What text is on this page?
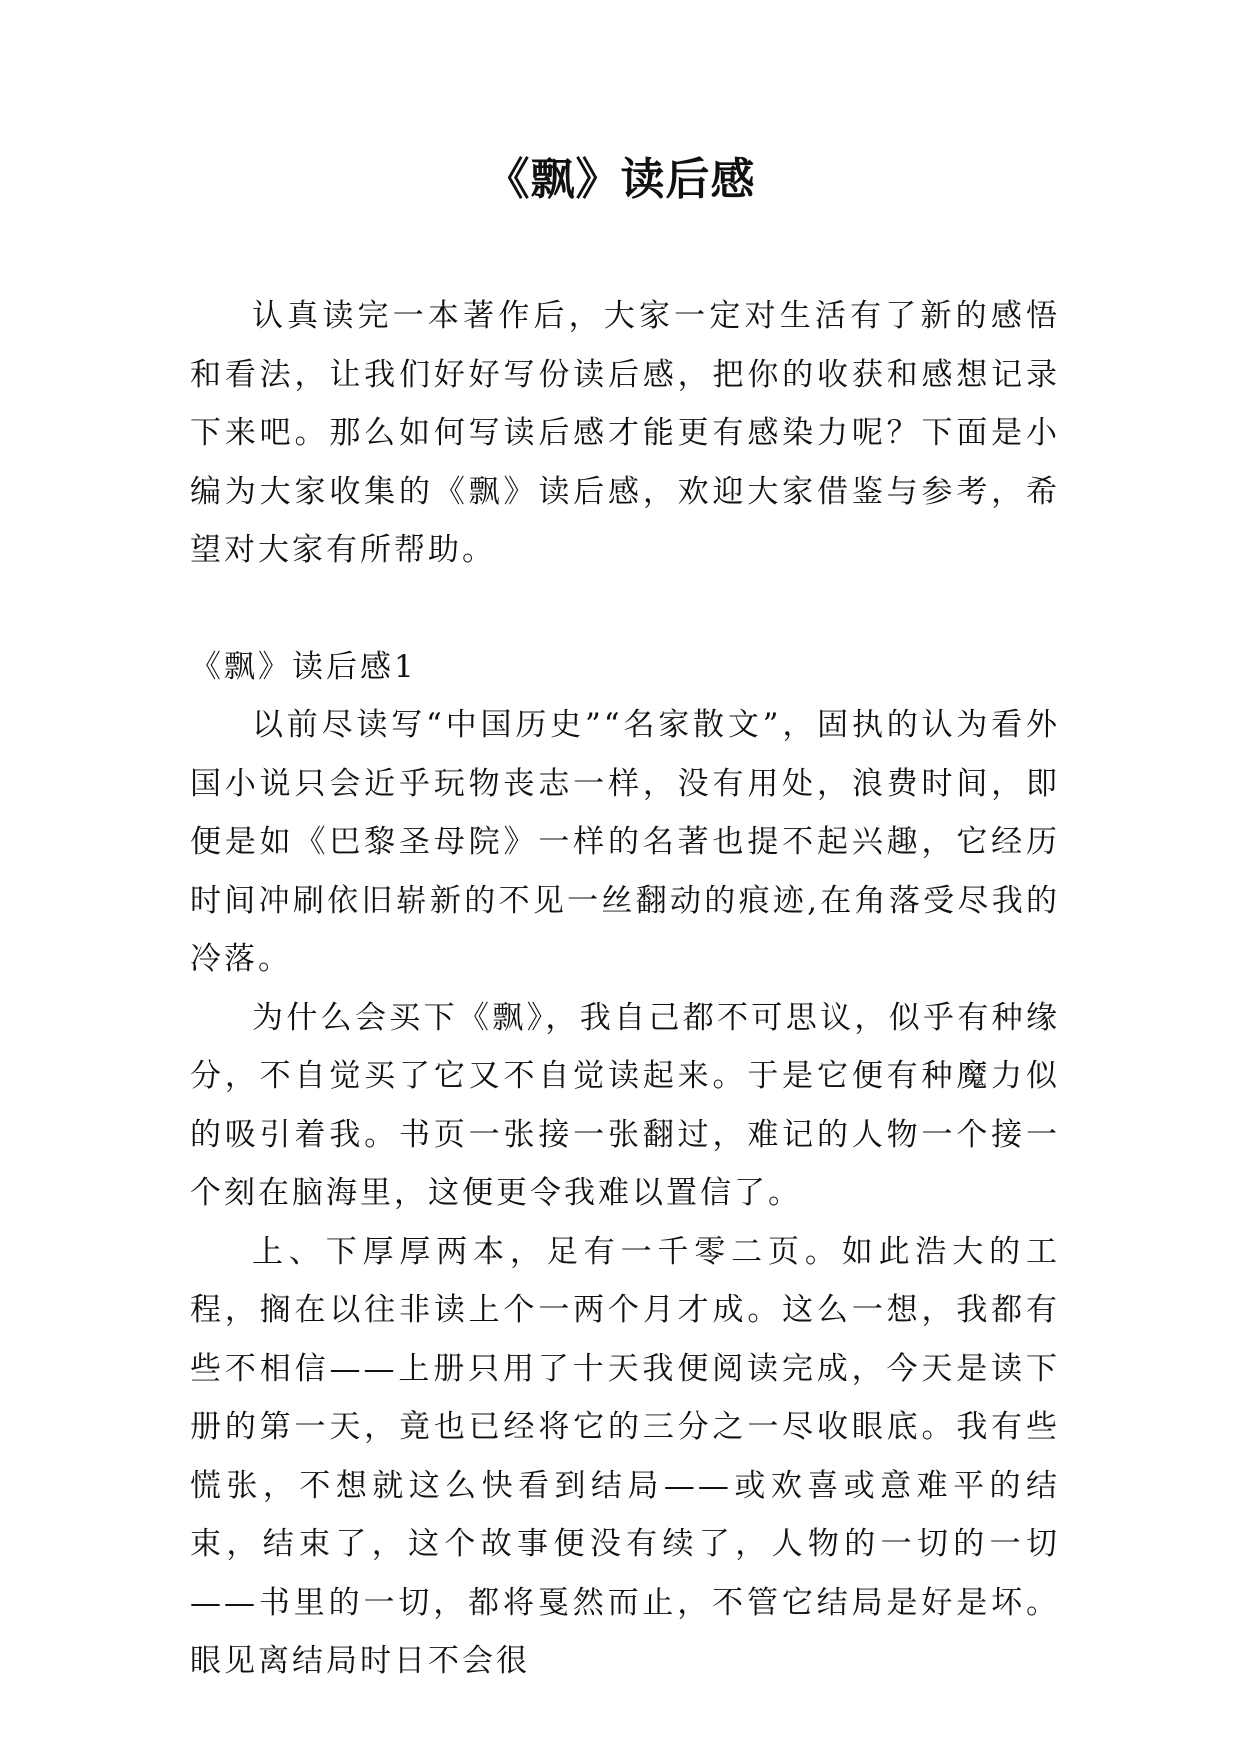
《飘》读后感

认真读完一本著作后，大家一定对生活有了新的感悟和看法，让我们好好写份读后感，把你的收获和感想记录下来吧。那么如何写读后感才能更有感染力呢？下面是小编为大家收集的《飘》读后感，欢迎大家借鉴与参考，希望对大家有所帮助。

《飘》读后感1

以前尽读写“中国历史”“名家散文”，固执的认为看外国小说只会近乎玩物丧志一样，没有用处，浪费时间，即便是如《巴黎圣母院》一样的名著也提不起兴趣，它经历时间冲刷依旧崭新的不见一丝翻动的痕迹,在角落受尽我的冷落。

为什么会买下《飘》，我自己都不可思议，似乎有种缘分，不自觉买了它又不自觉读起来。于是它便有种魔力似的吸引着我。书页一张接一张翻过，难记的人物一个接一个刻在脑海里，这便更令我难以置信了。

上、下厚厚两本，足有一千零二页。如此浩大的工程，搁在以往非读上个一两个月才成。这么一想，我都有些不相信——上册只用了十天我便阅读完成，今天是读下册的第一天，竟也已经将它的三分之一尽收眼底。我有些慌张，不想就这么快看到结局——或欢喜或意难平的结束，结束了，这个故事便没有续了，人物的一切的一切——书里的一切，都将戛然而止，不管它结局是好是坏。眼见离结局时日不会很
